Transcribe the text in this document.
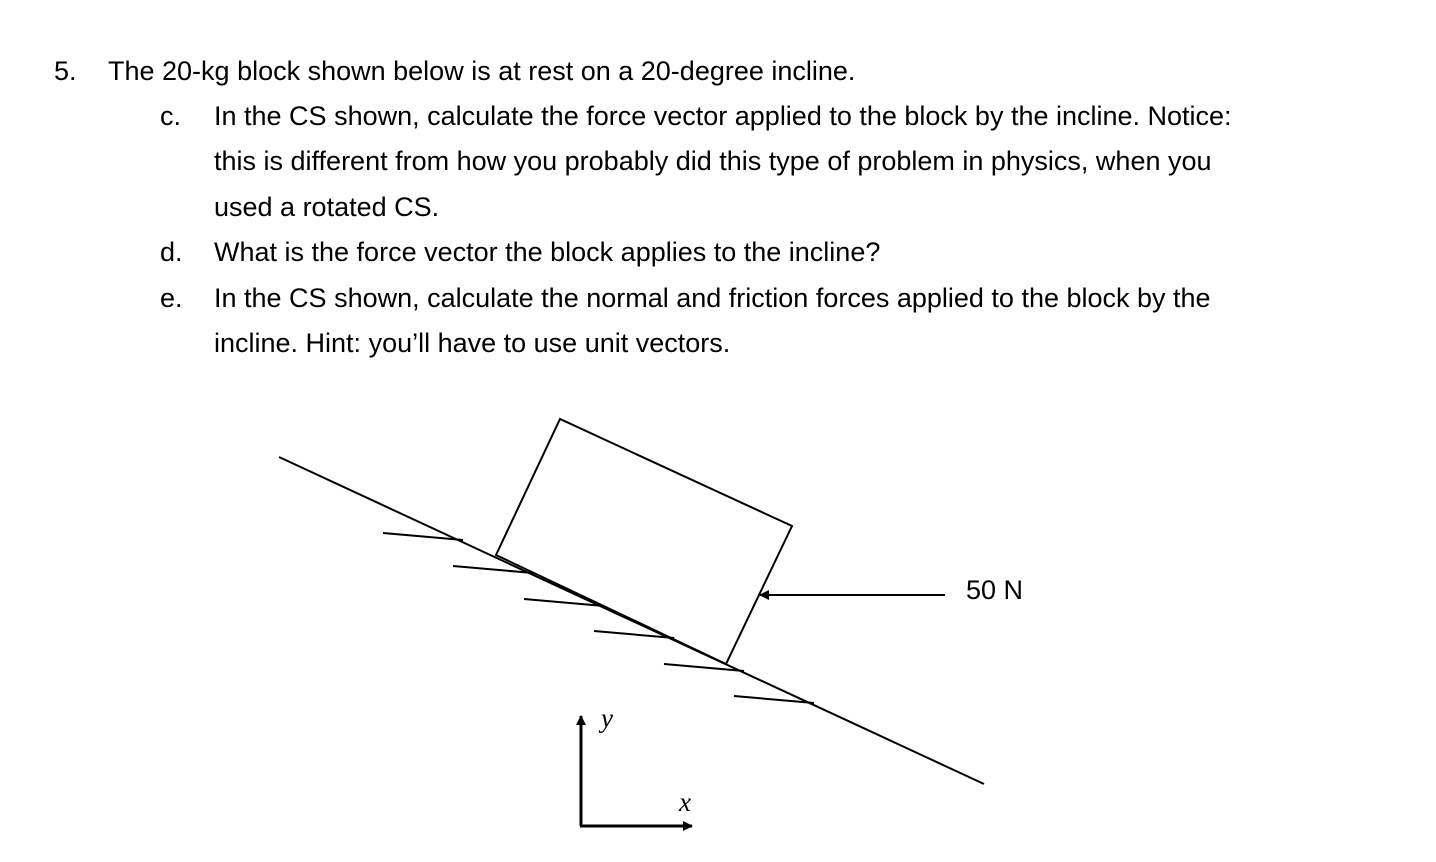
5. The 20-kg block shown below is at rest on a 20-degree incline.
c. In the CS shown, calculate the force vector applied to the block by the incline. Notice:
this is different from how you probably did this type of problem in physics, when you
used a rotated CS.
d. What is the force vector the block applies to the incline?
e. In the CS shown, calculate the normal and friction forces applied to the block by the
incline. Hint: you’ll have to use unit vectors.
50 N
y
x
